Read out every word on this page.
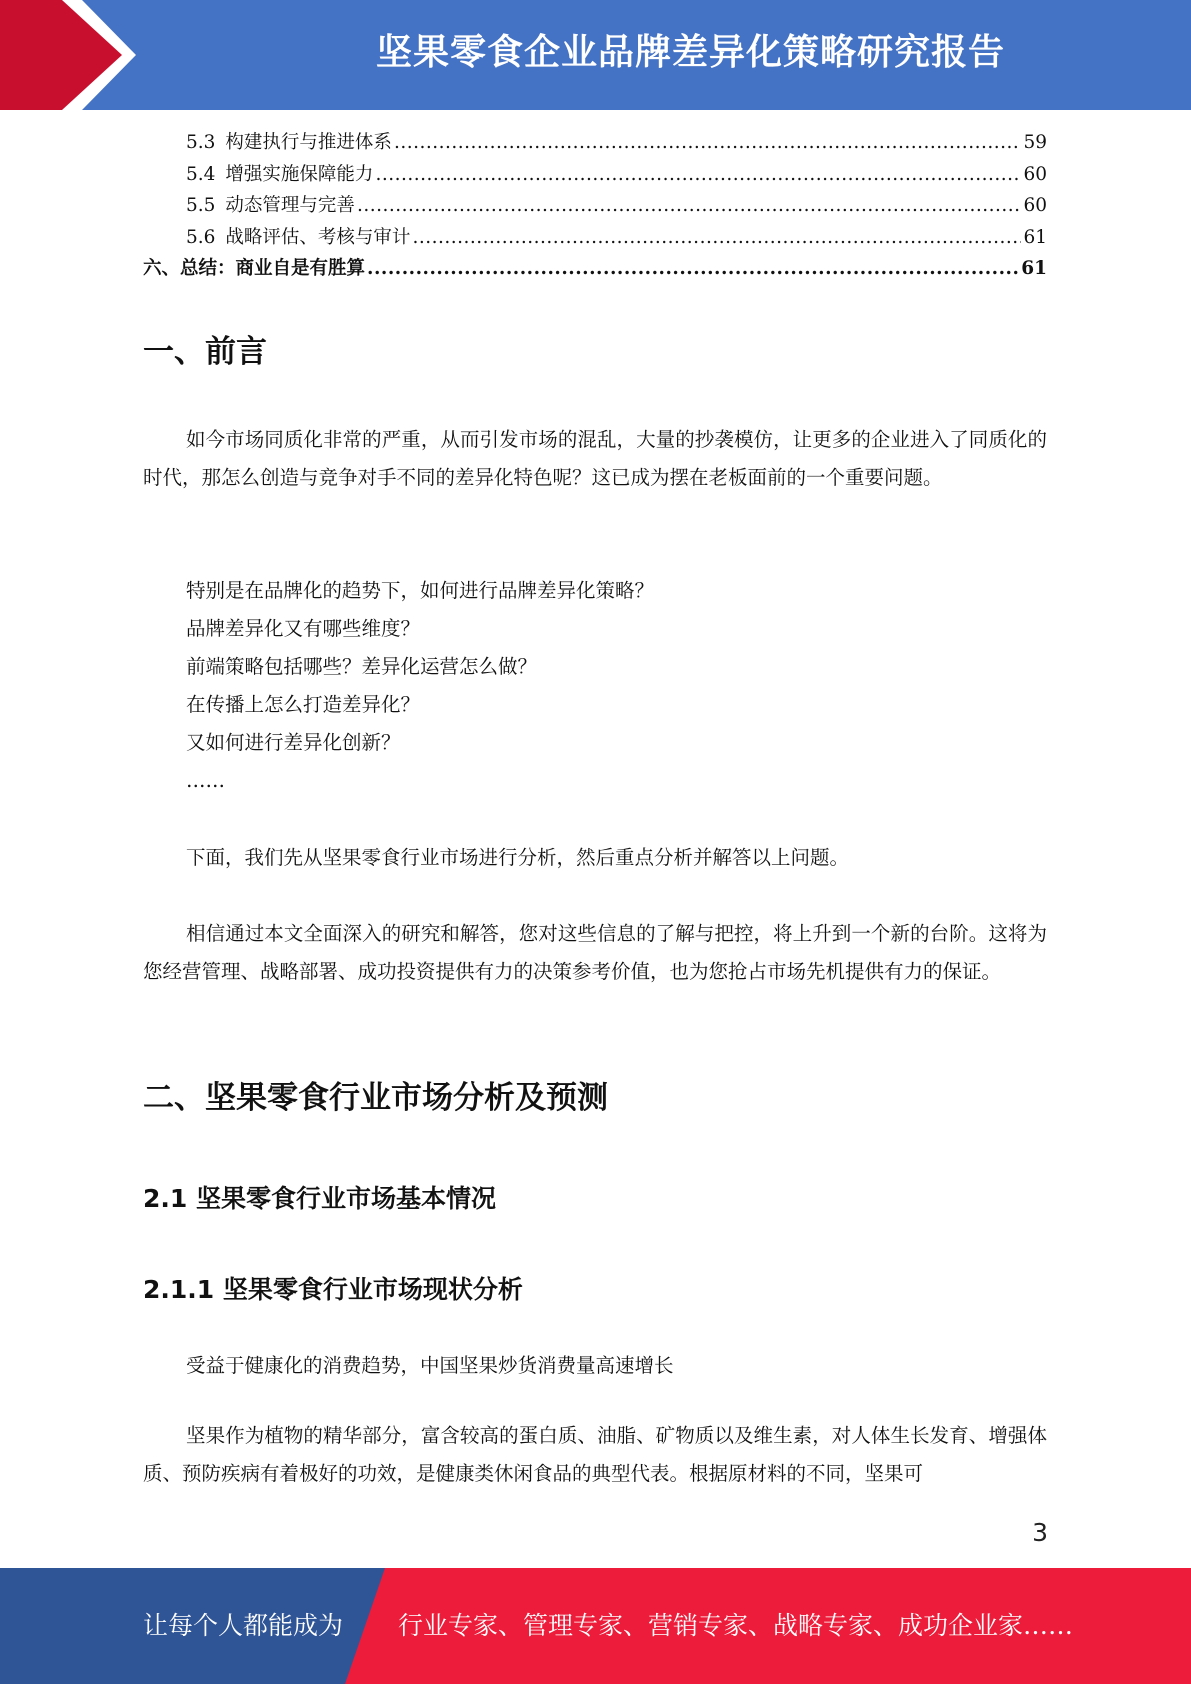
坚果零食企业品牌差异化策略研究报告
5.3 构建执行与推进体系 .....	59
5.4 增强实施保障能力 .....	60
5.5 动态管理与完善 .....	60
5.6 战略评估、考核与审计 .....	61
六、总结：商业自是有胜算 .....	61
一、前言

如今市场同质化非常的严重，从而引发市场的混乱，大量的抄袭模仿，让更多的企业进入了同质化的时代，那怎么创造与竞争对手不同的差异化特色呢？这已成为摆在老板面前的一个重要问题。

特别是在品牌化的趋势下，如何进行品牌差异化策略？
品牌差异化又有哪些维度？
前端策略包括哪些？差异化运营怎么做？
在传播上怎么打造差异化？
又如何进行差异化创新？
……

下面，我们先从坚果零食行业市场进行分析，然后重点分析并解答以上问题。

相信通过本文全面深入的研究和解答，您对这些信息的了解与把控，将上升到一个新的台阶。这将为您经营管理、战略部署、成功投资提供有力的决策参考价值，也为您抢占市场先机提供有力的保证。

二、坚果零食行业市场分析及预测
2.1 坚果零食行业市场基本情况
2.1.1 坚果零食行业市场现状分析

受益于健康化的消费趋势，中国坚果炒货消费量高速增长

坚果作为植物的精华部分，富含较高的蛋白质、油脂、矿物质以及维生素，对人体生长发育、增强体质、预防疾病有着极好的功效，是健康类休闲食品的典型代表。根据原材料的不同，坚果可

3
让每个人都能成为 行业专家、管理专家、营销专家、战略专家、成功企业家……
